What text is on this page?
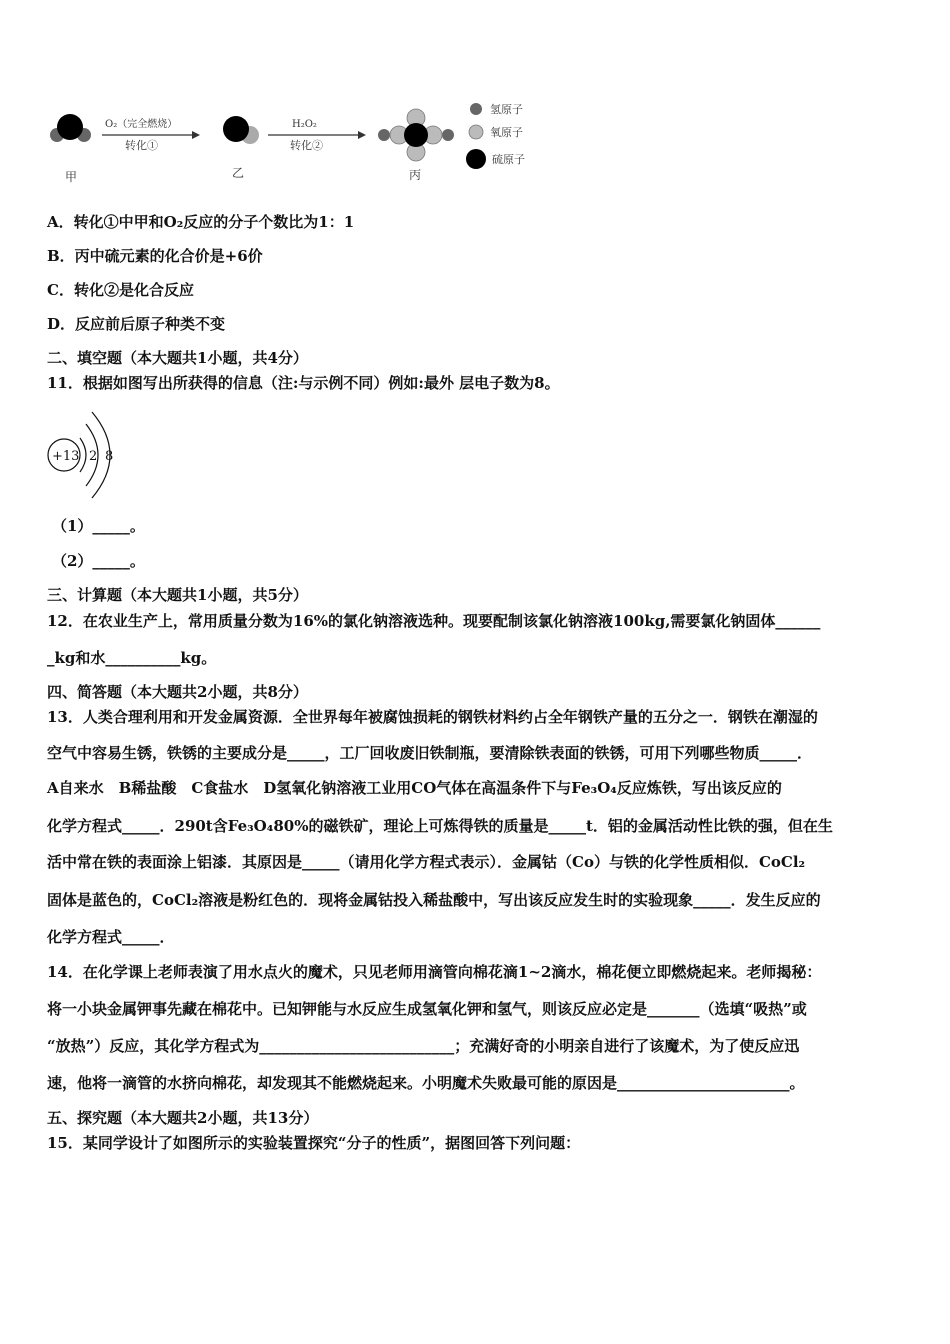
O₂（完全燃烧）
转化①
H₂O₂
转化②
甲	乙	丙
氢原子
氧原子
硫原子
A．转化①中甲和O₂反应的分子个数比为1：1
B．丙中硫元素的化合价是+6价
C．转化②是化合反应
D．反应前后原子种类不变
二、填空题（本大题共1小题，共4分）
11．根据如图写出所获得的信息（注:与示例不同）例如:最外 层电子数为8。
+13 2 8
（1）_____。
（2）_____。
三、计算题（本大题共1小题，共5分）
12．在农业生产上，常用质量分数为16%的氯化钠溶液选种。现要配制该氯化钠溶液100kg,需要氯化钠固体______
_kg和水__________kg。
四、简答题（本大题共2小题，共8分）
13．人类合理利用和开发金属资源．全世界每年被腐蚀损耗的钢铁材料约占全年钢铁产量的五分之一．钢铁在潮湿的
空气中容易生锈，铁锈的主要成分是_____，工厂回收废旧铁制瓶，要清除铁表面的铁锈，可用下列哪些物质_____．
A自来水　B稀盐酸　C食盐水　D氢氧化钠溶液工业用CO气体在高温条件下与Fe₃O₄反应炼铁，写出该反应的
化学方程式_____．290t含Fe₃O₄80%的磁铁矿，理论上可炼得铁的质量是_____t．铝的金属活动性比铁的强，但在生
活中常在铁的表面涂上铝漆．其原因是_____（请用化学方程式表示）．金属钴（Co）与铁的化学性质相似．CoCl₂
固体是蓝色的，CoCl₂溶液是粉红色的．现将金属钴投入稀盐酸中，写出该反应发生时的实验现象_____．发生反应的
化学方程式_____．
14．在化学课上老师表演了用水点火的魔术，只见老师用滴管向棉花滴1~2滴水，棉花便立即燃烧起来。老师揭秘：
将一小块金属钾事先藏在棉花中。已知钾能与水反应生成氢氧化钾和氢气，则该反应必定是_______（选填“吸热”或
“放热”）反应，其化学方程式为__________________________；充满好奇的小明亲自进行了该魔术，为了使反应迅
速，他将一滴管的水挤向棉花，却发现其不能燃烧起来。小明魔术失败最可能的原因是_______________________。
五、探究题（本大题共2小题，共13分）
15．某同学设计了如图所示的实验装置探究“分子的性质”，据图回答下列问题：
